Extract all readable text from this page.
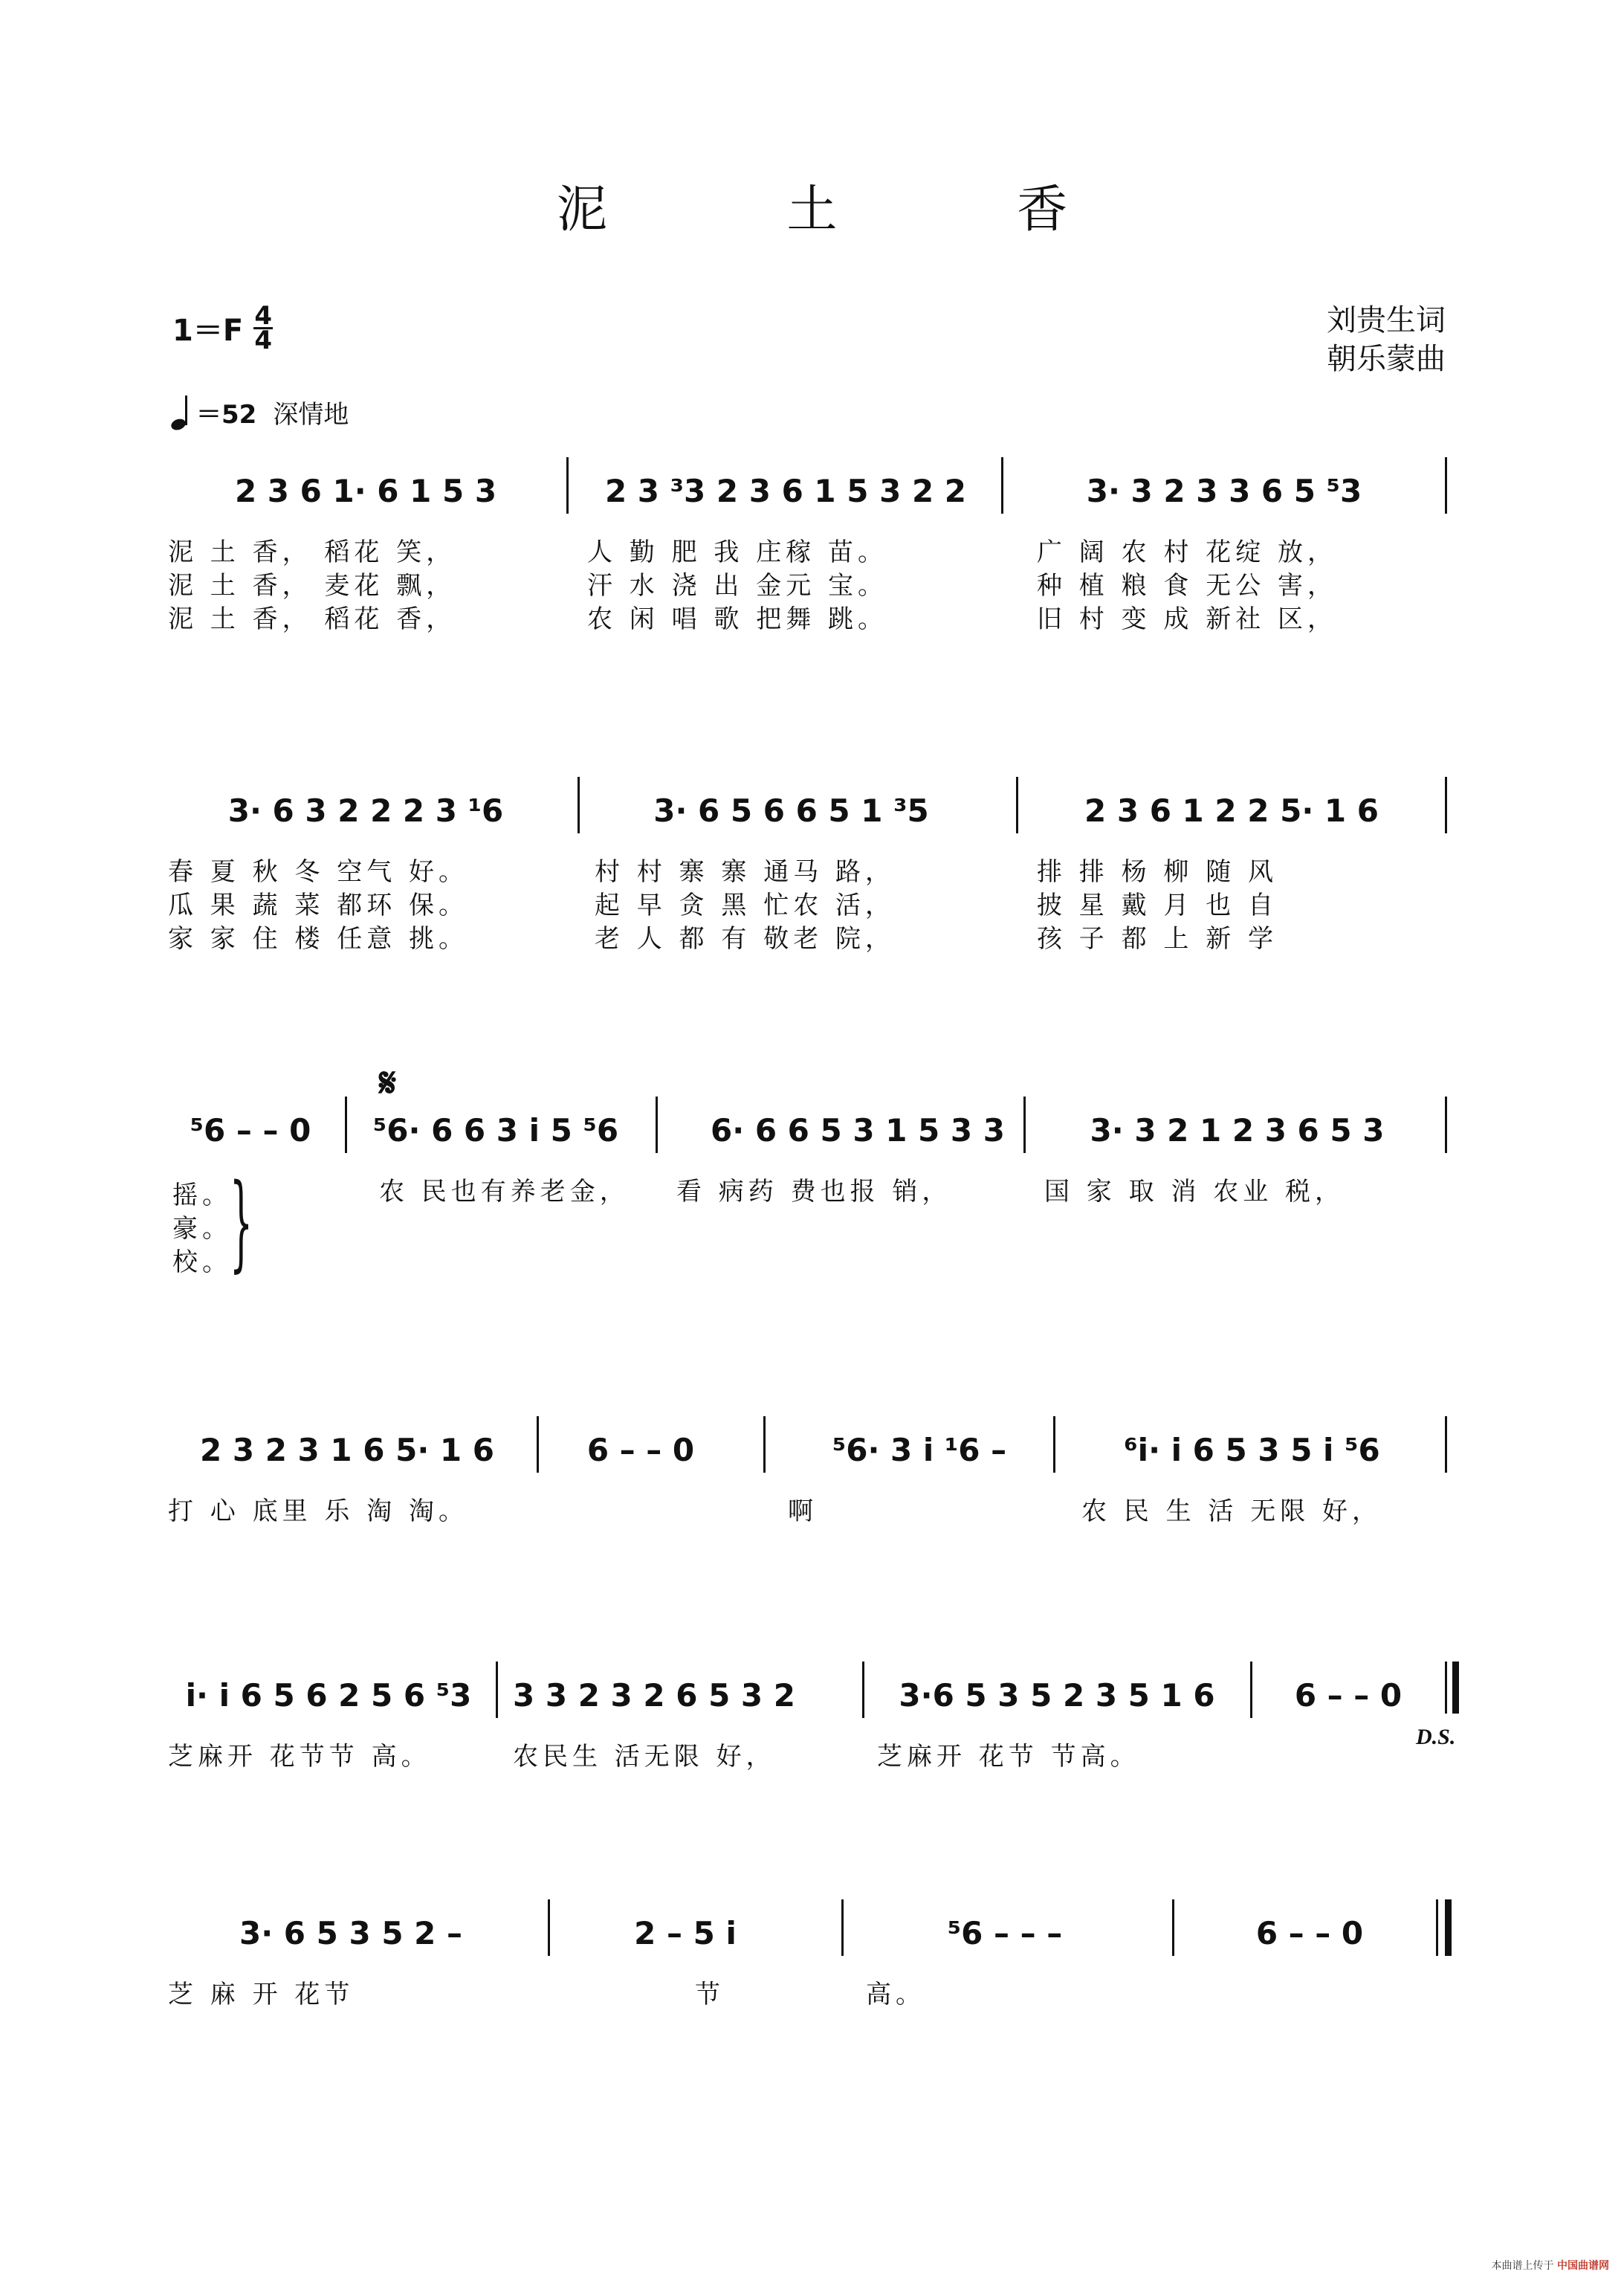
泥 土 香
$1=F \frac{4}{4}$	刘贵生词
朝乐蒙曲
＝52 深情地
2 3 6 1· 6 1 5 3	2 3 ³3 2 3 6 1 5 3 2 2	3· 3 2 3 3 6 5 ⁵3
泥 土 香， 稻花 笑，	人 勤 肥 我 庄稼 苗。	广 阔 农 村 花绽 放，
泥 土 香， 麦花 飘，	汗 水 浇 出 金元 宝。	种 植 粮 食 无公 害，
泥 土 香， 稻花 香，	农 闲 唱 歌 把舞 跳。	旧 村 变 成 新社 区，
3· 6 3 2 2 2 3 ¹6	3· 6 5 6 6 5 1 ³5	2 3 6 1 2 2 5· 1 6
春 夏 秋 冬 空气 好。	村 村 寨 寨 通马 路，	排 排 杨 柳 随 风
瓜 果 蔬 菜 都环 保。	起 早 贪 黑 忙农 活，	披 星 戴 月 也 自
家 家 住 楼 任意 挑。	老 人 都 有 敬老 院，	孩 子 都 上 新 学
𝄋
⁵6 – – 0	⁵6· 6 6 3 i 5 ⁵6	6· 6 6 5 3 1 5 3 3	3· 3 2 1 2 3 6 5 3
摇。
豪。
校。
}	农 民也有养老金， 看 病药 费也报 销，	国 家 取 消 农业 税，
2 3 2 3 1 6 5· 1 6	6 – – 0	⁵6· 3 i ¹6 –	⁶i· i 6 5 3 5 i ⁵6
打 心 底里 乐 淘 淘。	啊	农 民 生 活 无限 好，
i· i 6 5 6 2 5 6 ⁵3	3 3 2 3 2 6 5 3 2	3·6 5 3 5 2 3 5 1 6	6 – – 0
D.S.
芝麻开 花节节 高。	农民生 活无限 好，	芝麻开 花节 节高。
3· 6 5 3 5 2 –	2 – 5 i	⁵6 – – –	6 – – 0
芝 麻 开 花节	节	高。
本曲谱上传于 中国曲谱网
